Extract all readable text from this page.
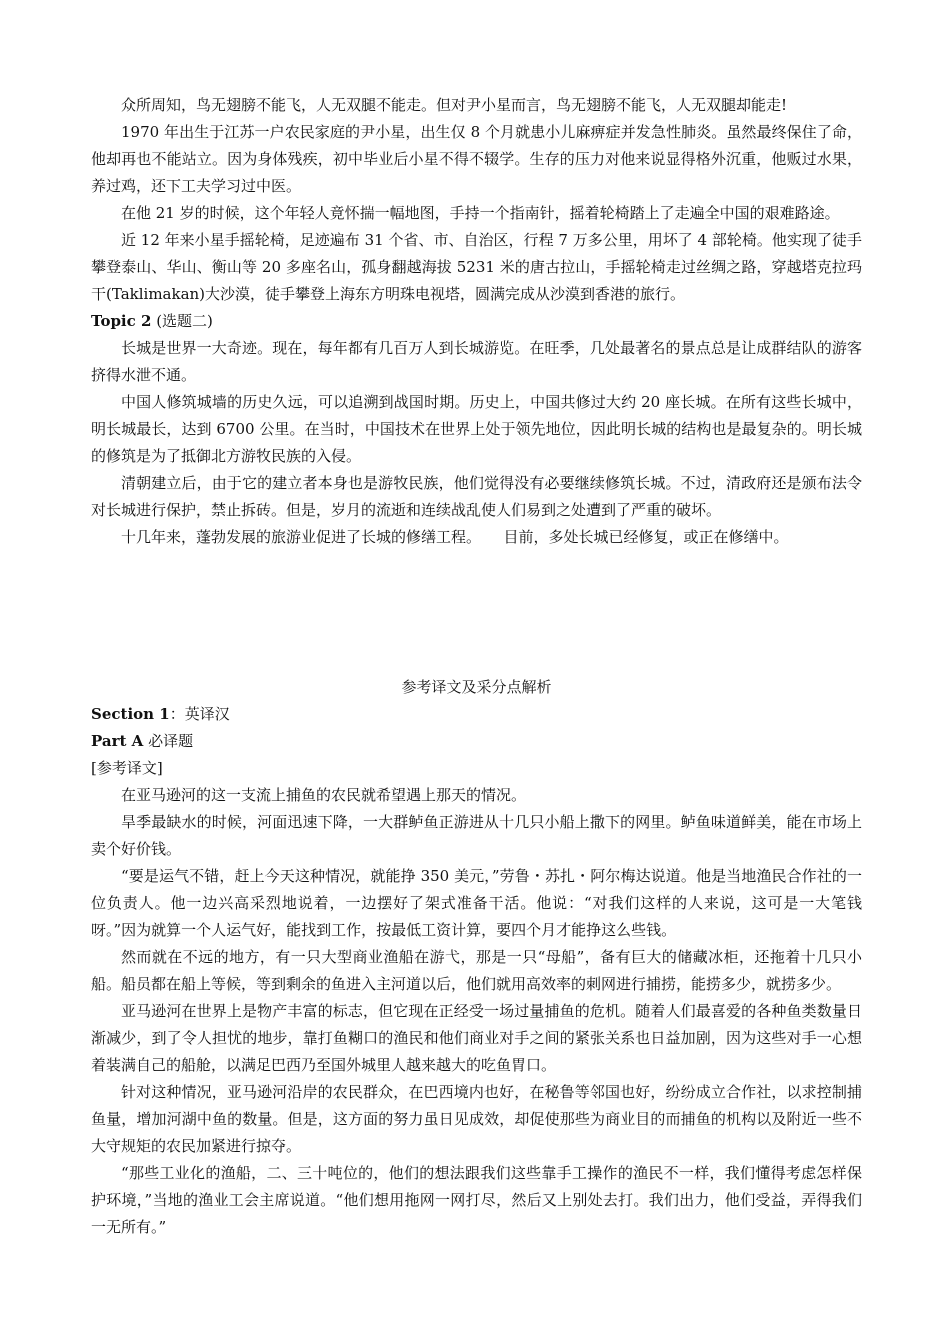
众所周知，鸟无翅膀不能飞，人无双腿不能走。但对尹小星而言，鸟无翅膀不能飞，人无双腿却能走!

1970 年出生于江苏一户农民家庭的尹小星，出生仅 8 个月就患小儿麻痹症并发急性肺炎。虽然最终保住了命，他却再也不能站立。因为身体残疾，初中毕业后小星不得不辍学。生存的压力对他来说显得格外沉重，他贩过水果，养过鸡，还下工夫学习过中医。

在他 21 岁的时候，这个年轻人竟怀揣一幅地图，手持一个指南针，摇着轮椅踏上了走遍全中国的艰难路途。

近 12 年来小星手摇轮椅，足迹遍布 31 个省、市、自治区，行程 7 万多公里，用坏了 4 部轮椅。他实现了徒手攀登泰山、华山、衡山等 20 多座名山，孤身翻越海拔 5231 米的唐古拉山，手摇轮椅走过丝绸之路，穿越塔克拉玛干(Taklimakan)大沙漠，徒手攀登上海东方明珠电视塔，圆满完成从沙漠到香港的旅行。

Topic 2 (选题二)

长城是世界一大奇迹。现在，每年都有几百万人到长城游览。在旺季，几处最著名的景点总是让成群结队的游客挤得水泄不通。

中国人修筑城墙的历史久远，可以追溯到战国时期。历史上，中国共修过大约 20 座长城。在所有这些长城中，明长城最长，达到 6700 公里。在当时，中国技术在世界上处于领先地位，因此明长城的结构也是最复杂的。明长城的修筑是为了抵御北方游牧民族的入侵。

清朝建立后，由于它的建立者本身也是游牧民族，他们觉得没有必要继续修筑长城。不过，清政府还是颁布法令对长城进行保护，禁止拆砖。但是，岁月的流逝和连续战乱使人们易到之处遭到了严重的破坏。

十几年来，蓬勃发展的旅游业促进了长城的修缮工程。　　目前，多处长城已经修复，或正在修缮中。

参考译文及采分点解析

Section 1：英译汉

Part A 必译题

[参考译文]

在亚马逊河的这一支流上捕鱼的农民就希望遇上那天的情况。

旱季最缺水的时候，河面迅速下降，一大群鲈鱼正游进从十几只小船上撒下的网里。鲈鱼味道鲜美，能在市场上卖个好价钱。

“要是运气不错，赶上今天这种情况，就能挣 350 美元，”劳鲁・苏扎・阿尔梅达说道。他是当地渔民合作社的一位负责人。他一边兴高采烈地说着，一边摆好了架式准备干活。他说：“对我们这样的人来说，这可是一大笔钱呀。”因为就算一个人运气好，能找到工作，按最低工资计算，要四个月才能挣这么些钱。

然而就在不远的地方，有一只大型商业渔船在游弋，那是一只“母船”，备有巨大的储藏冰柜，还拖着十几只小船。船员都在船上等候，等到剩余的鱼进入主河道以后，他们就用高效率的刺网进行捕捞，能捞多少，就捞多少。

亚马逊河在世界上是物产丰富的标志，但它现在正经受一场过量捕鱼的危机。随着人们最喜爱的各种鱼类数量日渐减少，到了令人担忧的地步，靠打鱼糊口的渔民和他们商业对手之间的紧张关系也日益加剧，因为这些对手一心想着装满自己的船舱，以满足巴西乃至国外城里人越来越大的吃鱼胃口。

针对这种情况，亚马逊河沿岸的农民群众，在巴西境内也好，在秘鲁等邻国也好，纷纷成立合作社，以求控制捕鱼量，增加河湖中鱼的数量。但是，这方面的努力虽日见成效，却促使那些为商业目的而捕鱼的机构以及附近一些不大守规矩的农民加紧进行掠夺。

“那些工业化的渔船，二、三十吨位的，他们的想法跟我们这些靠手工操作的渔民不一样，我们懂得考虑怎样保护环境，”当地的渔业工会主席说道。“他们想用拖网一网打尽，然后又上别处去打。我们出力，他们受益，弄得我们一无所有。”
